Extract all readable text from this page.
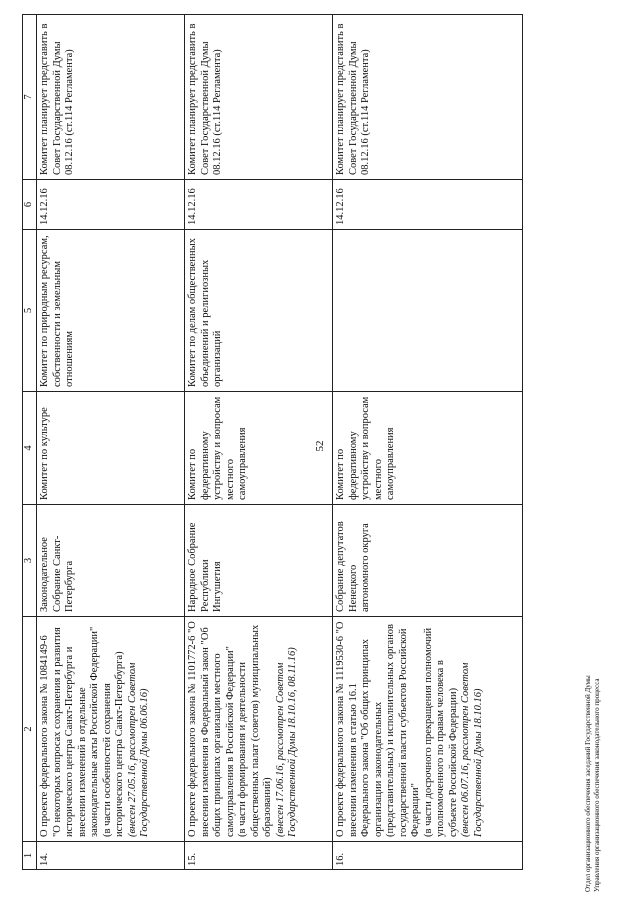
52
1	2	3	4	5	6	7
14.	О проекте федерального закона № 1084149-6 "О некоторых вопросах сохранения и развития исторического центра Санкт-Петербурга и внесении изменений в отдельные законодательные акты Российской Федерации" (в части особенностей сохранения исторического центра Санкт-Петербурга) (внесен 27.05.16, рассмотрен Советом Государственной Думы 06.06.16)	Законодательное Собрание Санкт-Петербурга	Комитет по культуре	Комитет по природным ресурсам, собственности и земельным отношениям	14.12.16	Комитет планирует представить в Совет Государственной Думы 08.12.16 (ст.114 Регламента)
15.	О проекте федерального закона № 1101772-6 "О внесении изменения в Федеральный закон "Об общих принципах организации местного самоуправления в Российской Федерации" (в части формирования и деятельности общественных палат (советов) муниципальных образований) (внесен 17.06.16, рассмотрен Советом Государственной Думы 18.10.16, 08.11.16)	Народное Собрание Республики Ингушетия	Комитет по федеративному устройству и вопросам местного самоуправления	Комитет по делам общественных объединений и религиозных организаций	14.12.16	Комитет планирует представить в Совет Государственной Думы 08.12.16 (ст.114 Регламента)
16.	О проекте федерального закона № 1119530-6 "О внесении изменения в статью 16.1 Федерального закона "Об общих принципах организации законодательных (представительных) и исполнительных органов государственной власти субъектов Российской Федерации" (в части досрочного прекращения полномочий уполномоченного по правам человека в субъекте Российской Федерации) (внесен 06.07.16, рассмотрен Советом Государственной Думы 18.10.16)	Собрание депутатов Ненецкого автономного округа	Комитет по федеративному устройству и вопросам местного самоуправления		14.12.16	Комитет планирует представить в Совет Государственной Думы 08.12.16 (ст.114 Регламента)
Отдел организационного обеспечения заседаний Государственной Думы Управления организационного обеспечения законодательного процесса
